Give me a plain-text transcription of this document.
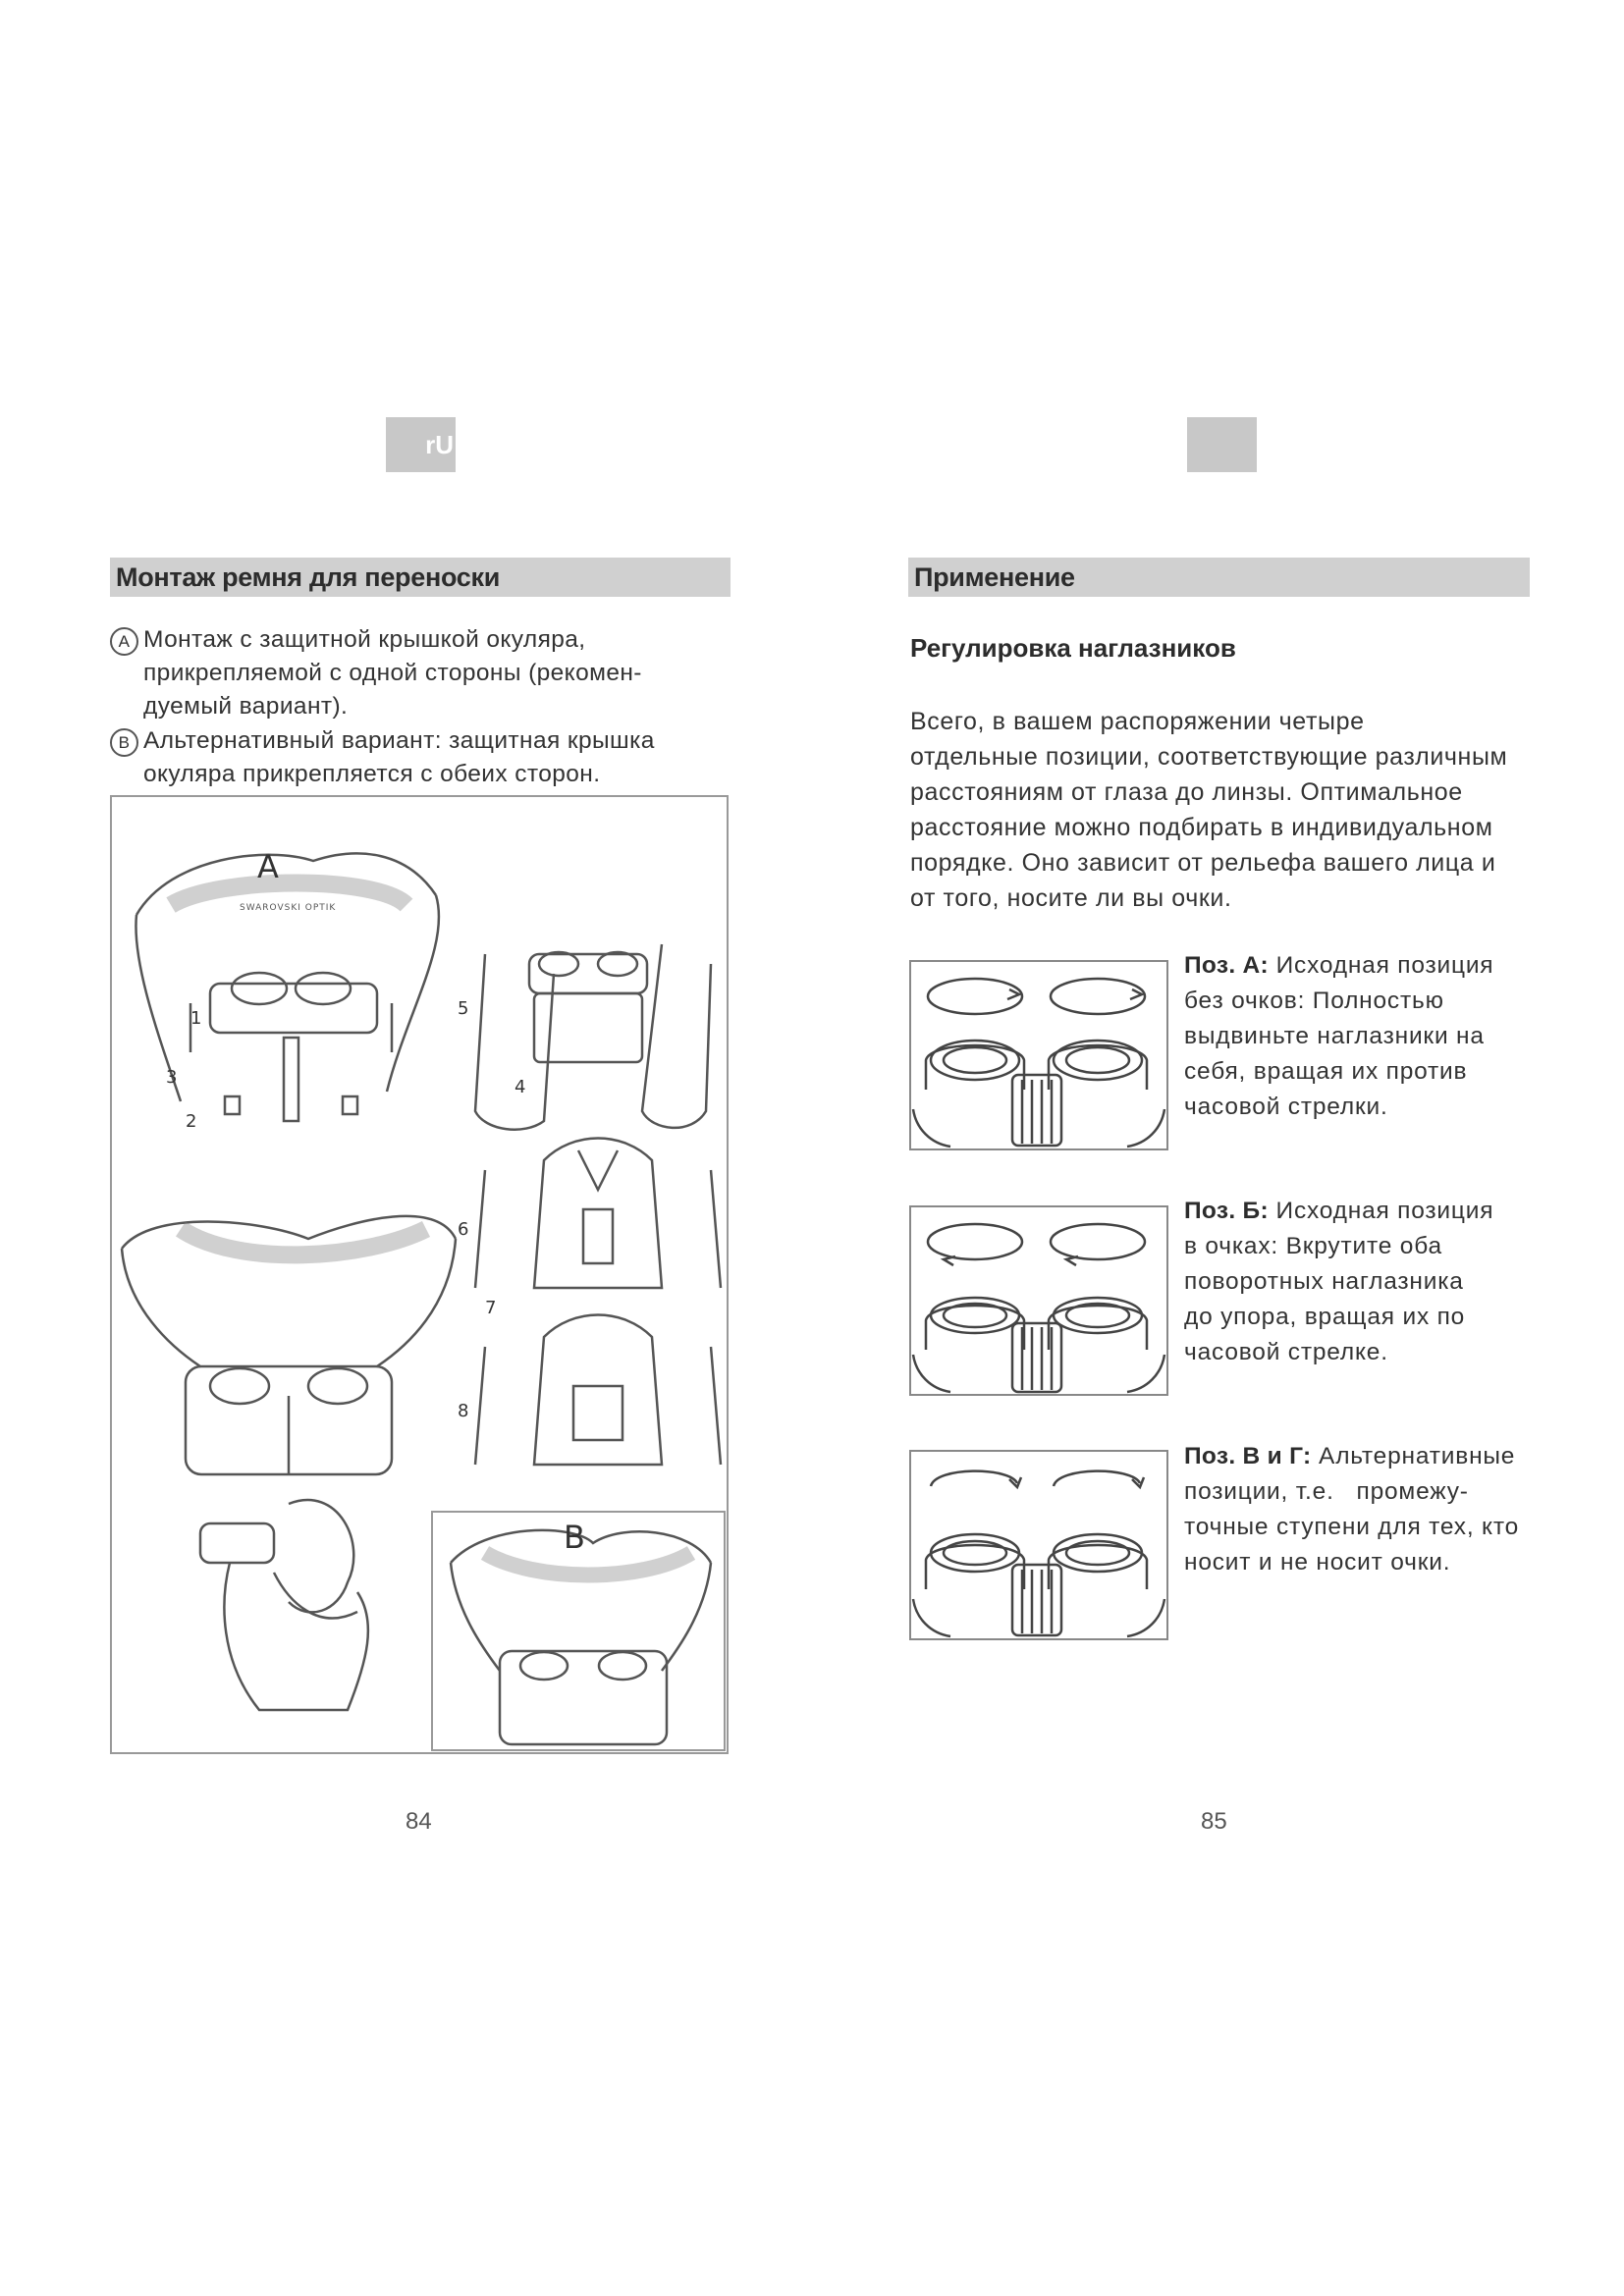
rU
Монтаж ремня для переноски
A Монтаж с защитной крышкой окуляра,
прикрепляемой с одной стороны (рекомен-
дуемый вариант).
B Альтернативный вариант: защитная крышка
окуляра прикрепляется с обеих сторон.
A
B
SWAROVSKI OPTIK
1
2
3	4
5
6
7
8
84
Применение
Регулировка наглазников
Всего, в вашем распоряжении четыре
отдельные позиции, соответствующие различным
расстояниям от глаза до линзы. Оптимальное
расстояние можно подбирать в индивидуальном
порядке. Оно зависит от рельефа вашего лица и
от того, носите ли вы очки.
Поз. А: Исходная позиция
без очков: Полностью
выдвиньте наглазники на
себя, вращая их против
часовой стрелки.
Поз. Б: Исходная позиция
в очках: Вкрутите оба
поворотных наглазника
до упора, вращая их по
часовой стрелке.
Поз. В и Г: Альтернативные
позиции, т.е.   промежу-
точные ступени для тех, кто
носит и не носит очки.
85
